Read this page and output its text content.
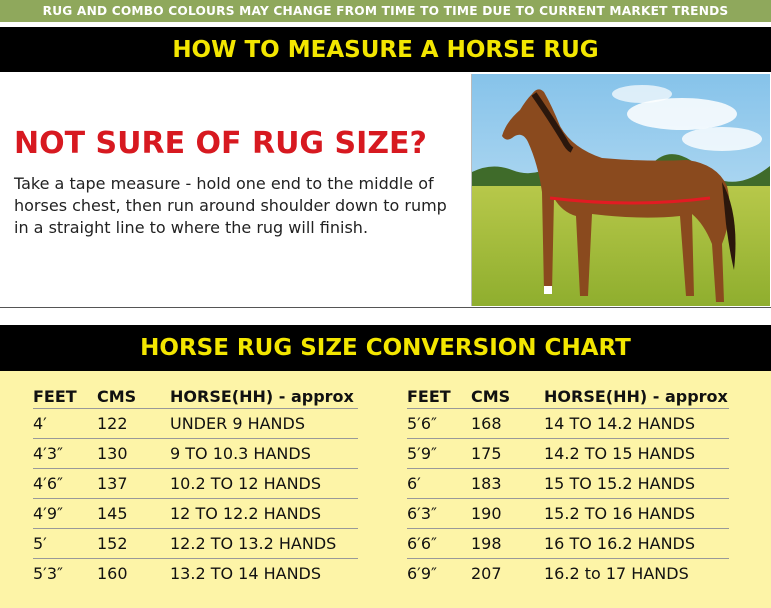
RUG AND COMBO COLOURS MAY CHANGE FROM TIME TO TIME DUE TO CURRENT MARKET TRENDS
HOW TO MEASURE A HORSE RUG
NOT SURE OF RUG SIZE?

Take a tape measure - hold one end to the middle of horses chest, then run around shoulder down to rump in a straight line to where the rug will finish.

HORSE RUG SIZE CONVERSION CHART
FEET	CMS	HORSE(HH) - approx
4′	122	UNDER 9 HANDS
4′3″	130	9 TO 10.3 HANDS
4′6″	137	10.2 TO 12 HANDS
4′9″	145	12 TO 12.2 HANDS
5′	152	12.2 TO 13.2 HANDS
5′3″	160	13.2 TO 14 HANDS
FEET	CMS	HORSE(HH) - approx
5′6″	168	14 TO 14.2 HANDS
5′9″	175	14.2 TO 15 HANDS
6′	183	15 TO 15.2 HANDS
6′3″	190	15.2 TO 16 HANDS
6′6″	198	16 TO 16.2 HANDS
6′9″	207	16.2 to 17 HANDS
